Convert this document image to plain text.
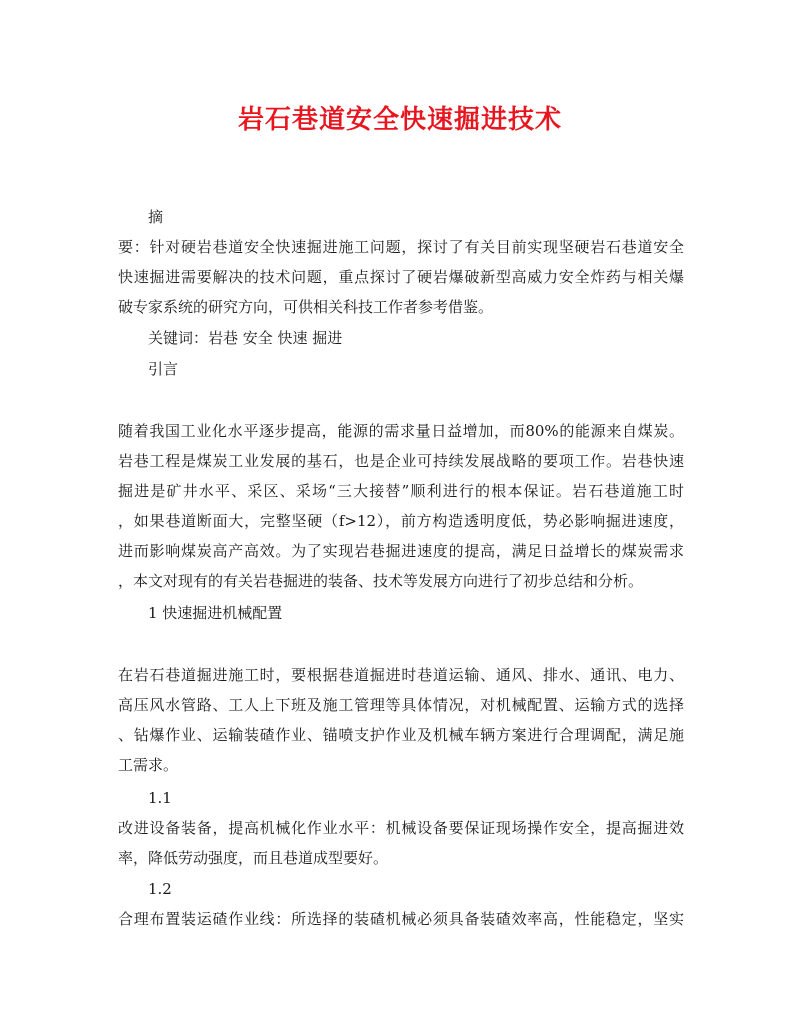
岩石巷道安全快速掘进技术
摘
要：针对硬岩巷道安全快速掘进施工问题，探讨了有关目前实现坚硬岩石巷道安全
快速掘进需要解决的技术问题，重点探讨了硬岩爆破新型高威力安全炸药与相关爆
破专家系统的研究方向，可供相关科技工作者参考借鉴。
关键词：岩巷 安全 快速 掘进
引言
随着我国工业化水平逐步提高，能源的需求量日益增加，而80%的能源来自煤炭。
岩巷工程是煤炭工业发展的基石，也是企业可持续发展战略的要项工作。岩巷快速
掘进是矿井水平、采区、采场“三大接替”顺利进行的根本保证。岩石巷道施工时
，如果巷道断面大，完整坚硬（f>12），前方构造透明度低，势必影响掘进速度，
进而影响煤炭高产高效。为了实现岩巷掘进速度的提高，满足日益增长的煤炭需求
，本文对现有的有关岩巷掘进的装备、技术等发展方向进行了初步总结和分析。
1 快速掘进机械配置
在岩石巷道掘进施工时，要根据巷道掘进时巷道运输、通风、排水、通讯、电力、
高压风水管路、工人上下班及施工管理等具体情况，对机械配置、运输方式的选择
、钻爆作业、运输装碴作业、锚喷支护作业及机械车辆方案进行合理调配，满足施
工需求。
1.1
改进设备装备，提高机械化作业水平：机械设备要保证现场操作安全，提高掘进效
率，降低劳动强度，而且巷道成型要好。
1.2
合理布置装运碴作业线：所选择的装碴机械必须具备装碴效率高，性能稳定，坚实
